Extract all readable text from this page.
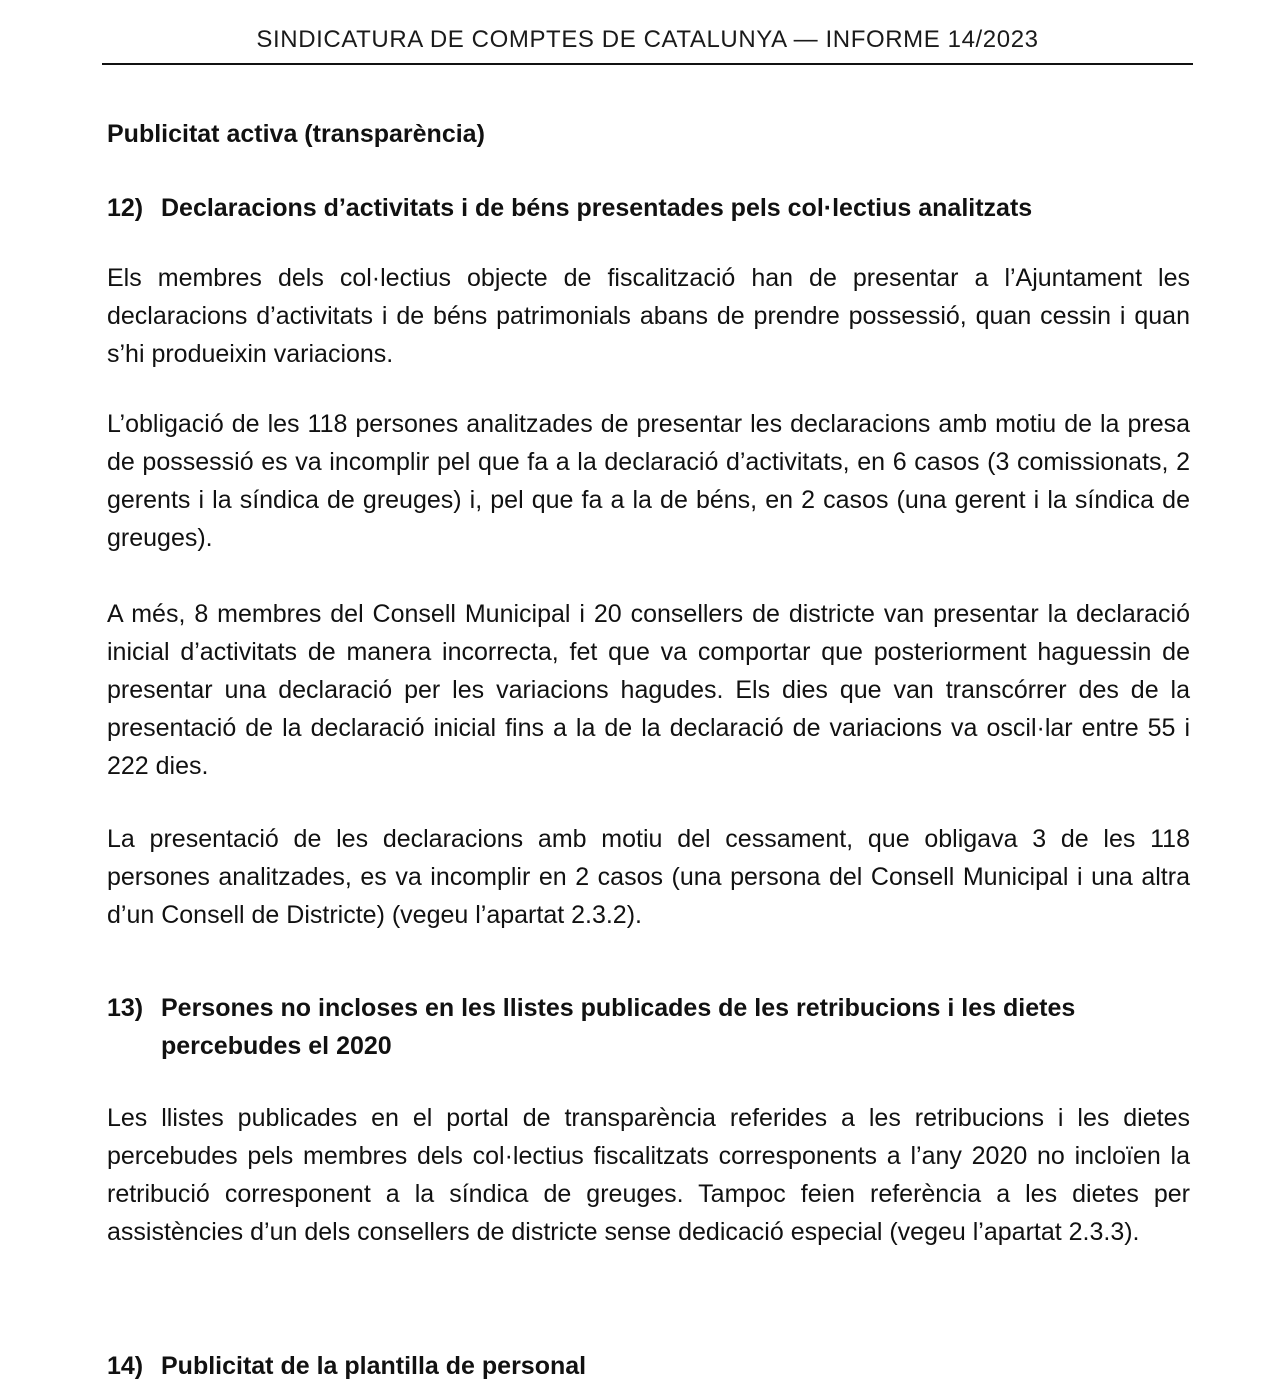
SINDICATURA DE COMPTES DE CATALUNYA — INFORME 14/2023
Publicitat activa (transparència)
12) Declaracions d’activitats i de béns presentades pels col·lectius analitzats

Els membres dels col·lectius objecte de fiscalització han de presentar a l’Ajuntament les declaracions d’activitats i de béns patrimonials abans de prendre possessió, quan cessin i quan s’hi produeixin variacions.

L’obligació de les 118 persones analitzades de presentar les declaracions amb motiu de la presa de possessió es va incomplir pel que fa a la declaració d’activitats, en 6 casos (3 comissionats, 2 gerents i la síndica de greuges) i, pel que fa a la de béns, en 2 casos (una gerent i la síndica de greuges).

A més, 8 membres del Consell Municipal i 20 consellers de districte van presentar la declaració inicial d’activitats de manera incorrecta, fet que va comportar que posteriorment haguessin de presentar una declaració per les variacions hagudes. Els dies que van transcórrer des de la presentació de la declaració inicial fins a la de la declaració de variacions va oscil·lar entre 55 i 222 dies.

La presentació de les declaracions amb motiu del cessament, que obligava 3 de les 118 persones analitzades, es va incomplir en 2 casos (una persona del Consell Municipal i una altra d’un Consell de Districte) (vegeu l’apartat 2.3.2).

13) Persones no incloses en les llistes publicades de les retribucions i les dietes percebudes el 2020

Les llistes publicades en el portal de transparència referides a les retribucions i les dietes percebudes pels membres dels col·lectius fiscalitzats corresponents a l’any 2020 no incloïen la retribució corresponent a la síndica de greuges. Tampoc feien referència a les dietes per assistències d’un dels consellers de districte sense dedicació especial (vegeu l’apartat 2.3.3).

14) Publicitat de la plantilla de personal
